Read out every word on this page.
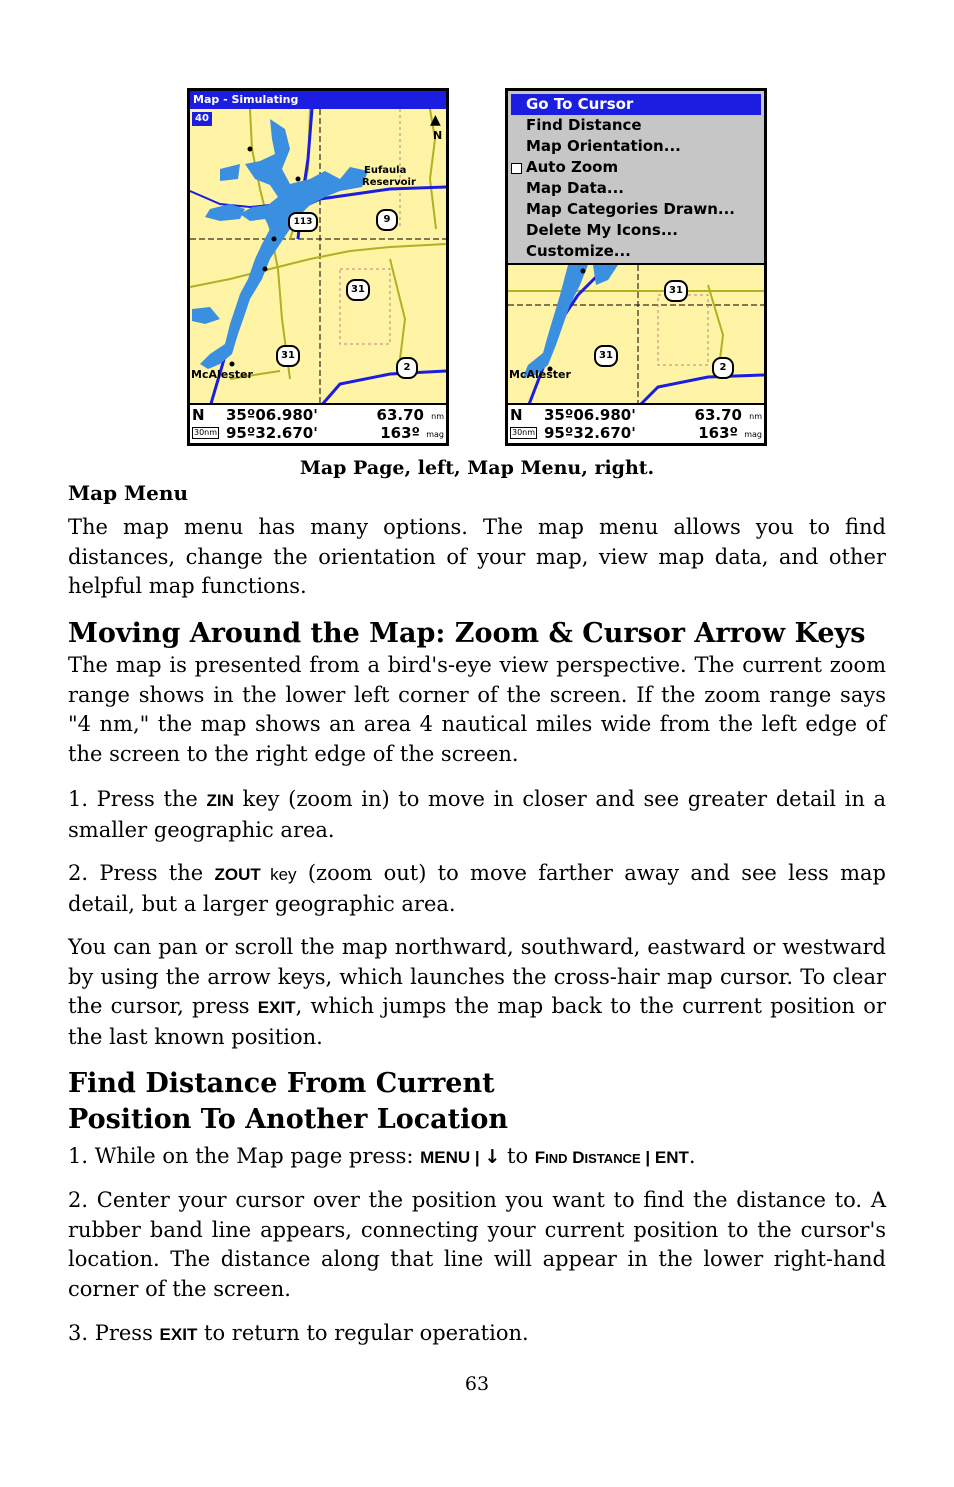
Map - Simulating
40	▲
N
Eufaula
Reservoir
113	9
31
31
2
McAlester
N 35º06.980'	63.70 nm
30nm 95º32.670'	163º mag
Go To Cursor
Find Distance
Map Orientation...
Auto Zoom
Map Data...
Map Categories Drawn...
Delete My Icons...
Customize...
31
31
2
McAlester
N 35º06.980'	63.70 nm
30nm 95º32.670'	163º mag
Map Page, left, Map Menu, right.
Map Menu
The map menu has many options. The map menu allows you to find distances, change the orientation of your map, view map data, and other helpful map functions.
Moving Around the Map: Zoom & Cursor Arrow Keys
The map is presented from a bird's-eye view perspective. The current zoom range shows in the lower left corner of the screen. If the zoom range says "4 nm," the map shows an area 4 nautical miles wide from the left edge of the screen to the right edge of the screen.
1. Press the ZIN key (zoom in) to move in closer and see greater detail in a smaller geographic area.
2. Press the ZOUT key (zoom out) to move farther away and see less map detail, but a larger geographic area.
You can pan or scroll the map northward, southward, eastward or westward by using the arrow keys, which launches the cross-hair map cursor. To clear the cursor, press EXIT, which jumps the map back to the current position or the last known position.
Find Distance From Current
Position To Another Location
1. While on the Map page press: MENU | ↓ to FIND DISTANCE | ENT.
2. Center your cursor over the position you want to find the distance to. A rubber band line appears, connecting your current position to the cursor's location. The distance along that line will appear in the lower right-hand corner of the screen.
3. Press EXIT to return to regular operation.
63
